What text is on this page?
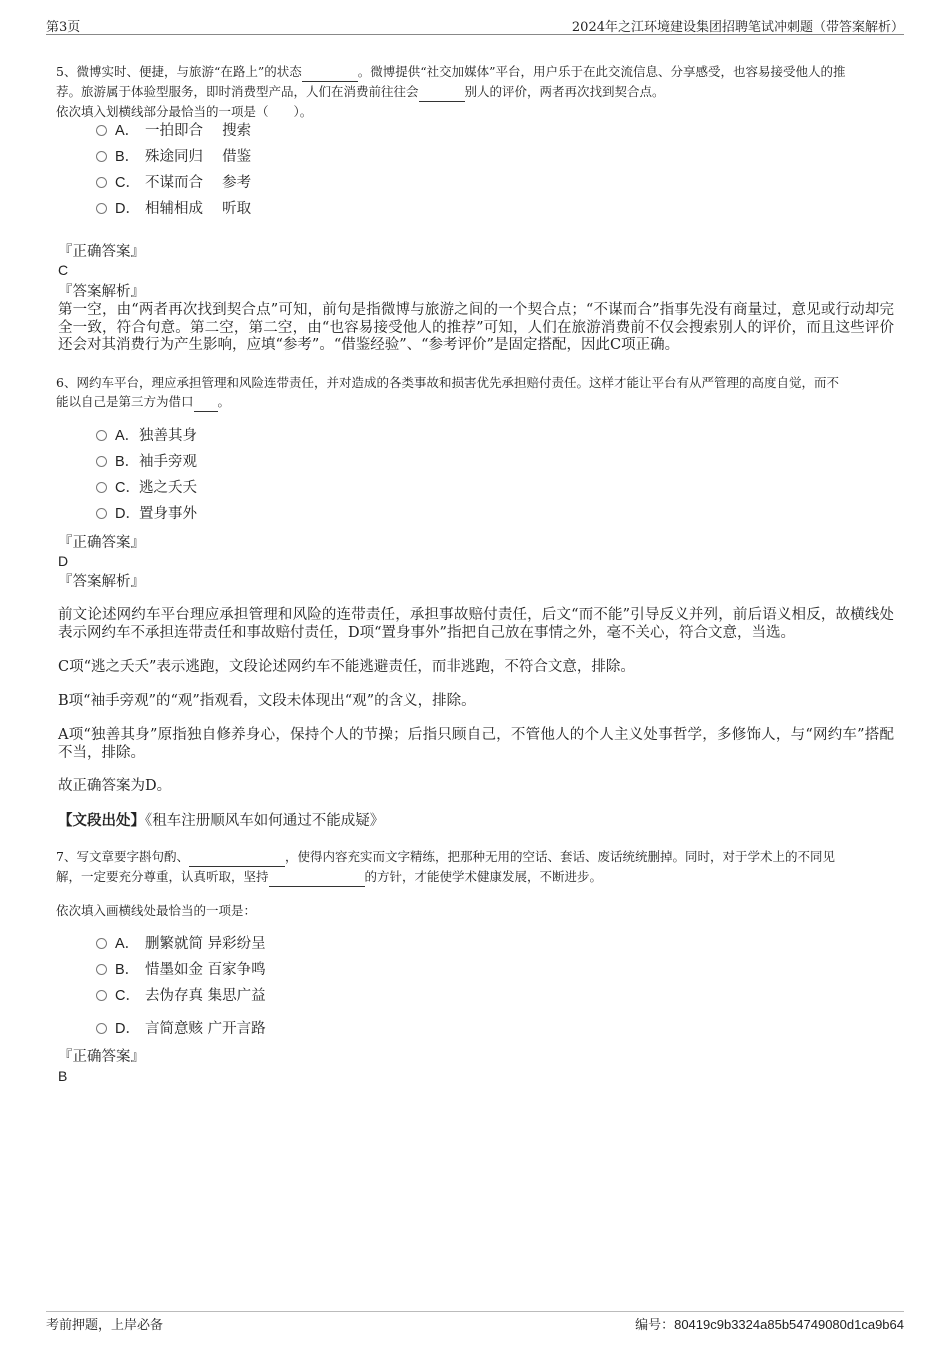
第3页	2024年之江环境建设集团招聘笔试冲刺题（带答案解析）
5、微博实时、便捷，与旅游“在路上”的状态	。微博提供“社交加媒体”平台，用户乐于在此交流信息、分享感受，也容易接受他人的推
荐。旅游属于体验型服务，即时消费型产品，人们在消费前往往会	别人的评价，两者再次找到契合点。
依次填入划横线部分最恰当的一项是（　　）。
A． 一拍即合　 搜索
B． 殊途同归　 借鉴
C． 不谋而合　 参考
D． 相辅相成　 听取
『正确答案』
C
『答案解析』
第一空，由“两者再次找到契合点”可知，前句是指微博与旅游之间的一个契合点；“不谋而合”指事先没有商量过，意见或行动却完全一致，符合句意。第二空，第二空，由“也容易接受他人的推荐”可知，人们在旅游消费前不仅会搜索别人的评价，而且这些评价还会对其消费行为产生影响，应填“参考”。“借鉴经验”、“参考评价”是固定搭配，因此C项正确。
6、网约车平台，理应承担管理和风险连带责任，并对造成的各类事故和损害优先承担赔付责任。这样才能让平台有从严管理的高度自觉，而不
能以自己是第三方为借口 。
A．独善其身
B．袖手旁观
C．逃之夭夭
D．置身事外
『正确答案』
D
『答案解析』
前文论述网约车平台理应承担管理和风险的连带责任，承担事故赔付责任，后文“而不能”引导反义并列，前后语义相反，故横线处表示网约车不承担连带责任和事故赔付责任，D项“置身事外”指把自己放在事情之外，毫不关心，符合文意，当选。
C项“逃之夭夭”表示逃跑，文段论述网约车不能逃避责任，而非逃跑，不符合文意，排除。
B项“袖手旁观”的“观”指观看，文段未体现出“观”的含义，排除。
A项“独善其身”原指独自修养身心，保持个人的节操；后指只顾自己，不管他人的个人主义处事哲学，多修饰人，与“网约车”搭配不当，排除。
故正确答案为D。
【文段出处】《租车注册顺风车如何通过不能成疑》
7、写文章要字斟句酌、	，使得内容充实而文字精练，把那种无用的空话、套话、废话统统删掉。同时，对于学术上的不同见
解，一定要充分尊重，认真听取，坚持	的方针，才能使学术健康发展，不断进步。
依次填入画横线处最恰当的一项是：
A． 删繁就简 异彩纷呈
B． 惜墨如金 百家争鸣
C． 去伪存真 集思广益
D． 言简意赅 广开言路
『正确答案』
B
考前押题，上岸必备	编号：80419c9b3324a85b54749080d1ca9b64
